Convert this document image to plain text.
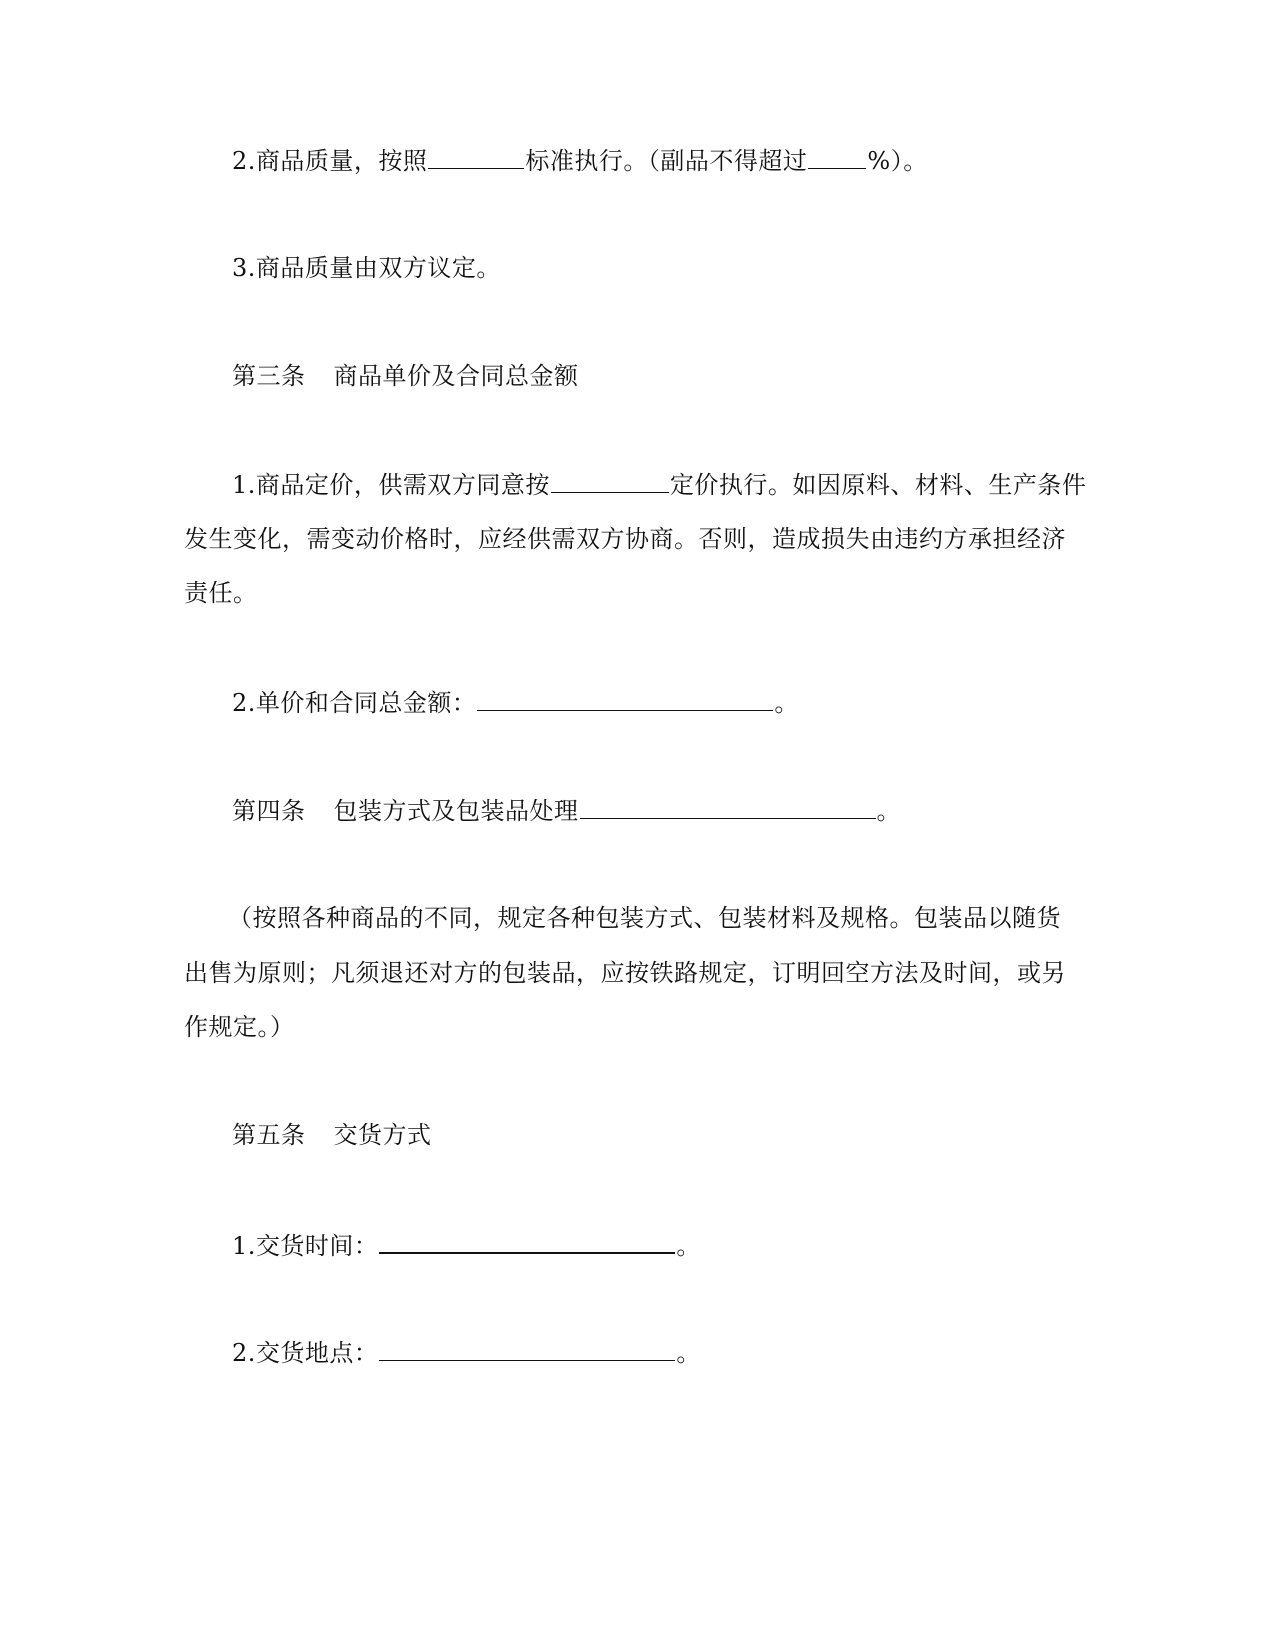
2.商品质量，按照	标准执行。（副品不得超过	%）。
3.商品质量由双方议定。
第三条 商品单价及合同总金额
1.商品定价，供需双方同意按	定价执行。如因原料、材料、生产条件
发生变化，需变动价格时，应经供需双方协商。否则，造成损失由违约方承担经济
责任。
2.单价和合同总金额：	。
第四条 包装方式及包装品处理	。
（按照各种商品的不同，规定各种包装方式、包装材料及规格。包装品以随货
出售为原则；凡须退还对方的包装品，应按铁路规定，订明回空方法及时间，或另
作规定。）
第五条 交货方式
1.交货时间：	。
2.交货地点：	。
